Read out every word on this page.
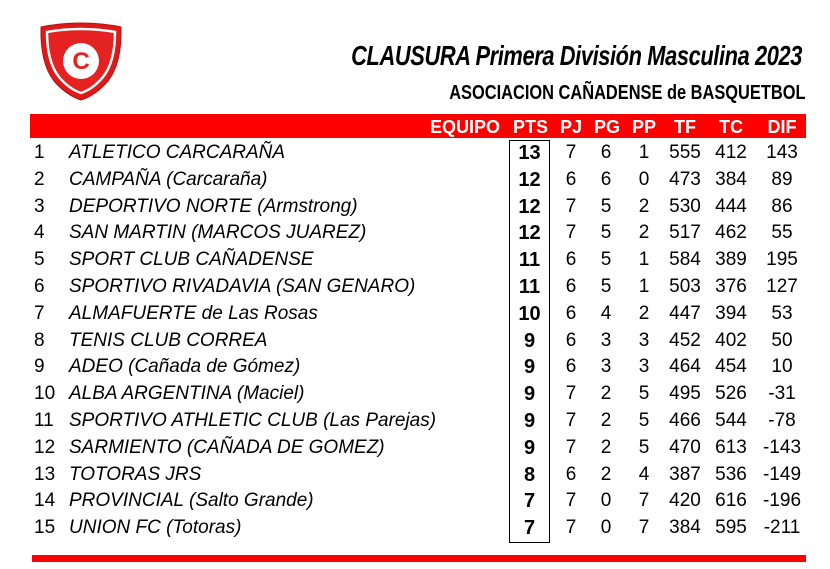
C	CLAUSURA Primera División Masculina 2023
ASOCIACION CAÑADENSE de BASQUETBOL
EQUIPO PTS PJ PG PP	TF	TC	DIF
1	ATLETICO CARCARAÑA	13	7	6	1	555 412	143
2	CAMPAÑA (Carcaraña)	12	6	6	0	473 384	89
3	DEPORTIVO NORTE (Armstrong)	12	7	5	2	530 444	86
4	SAN MARTIN (MARCOS JUAREZ)	12	7	5	2	517 462	55
5	SPORT CLUB CAÑADENSE	11	6	5	1	584 389	195
6	SPORTIVO RIVADAVIA (SAN GENARO)	11	6	5	1	503 376	127
7	ALMAFUERTE de Las Rosas	10	6	4	2	447 394	53
8	TENIS CLUB CORREA	9	6	3	3	452 402	50
9	ADEO (Cañada de Gómez)	9	6	3	3	464 454	10
10 ALBA ARGENTINA (Maciel)	9	7	2	5	495 526	-31
11 SPORTIVO ATHLETIC CLUB (Las Parejas)	9	7	2	5	466 544	-78
12 SARMIENTO (CAÑADA DE GOMEZ)	9	7	2	5	470 613 -143
13 TOTORAS JRS	8	6	2	4	387 536 -149
14 PROVINCIAL (Salto Grande)	7	7	0	7	420 616 -196
15 UNION FC (Totoras)	7	7	0	7	384 595 -211
